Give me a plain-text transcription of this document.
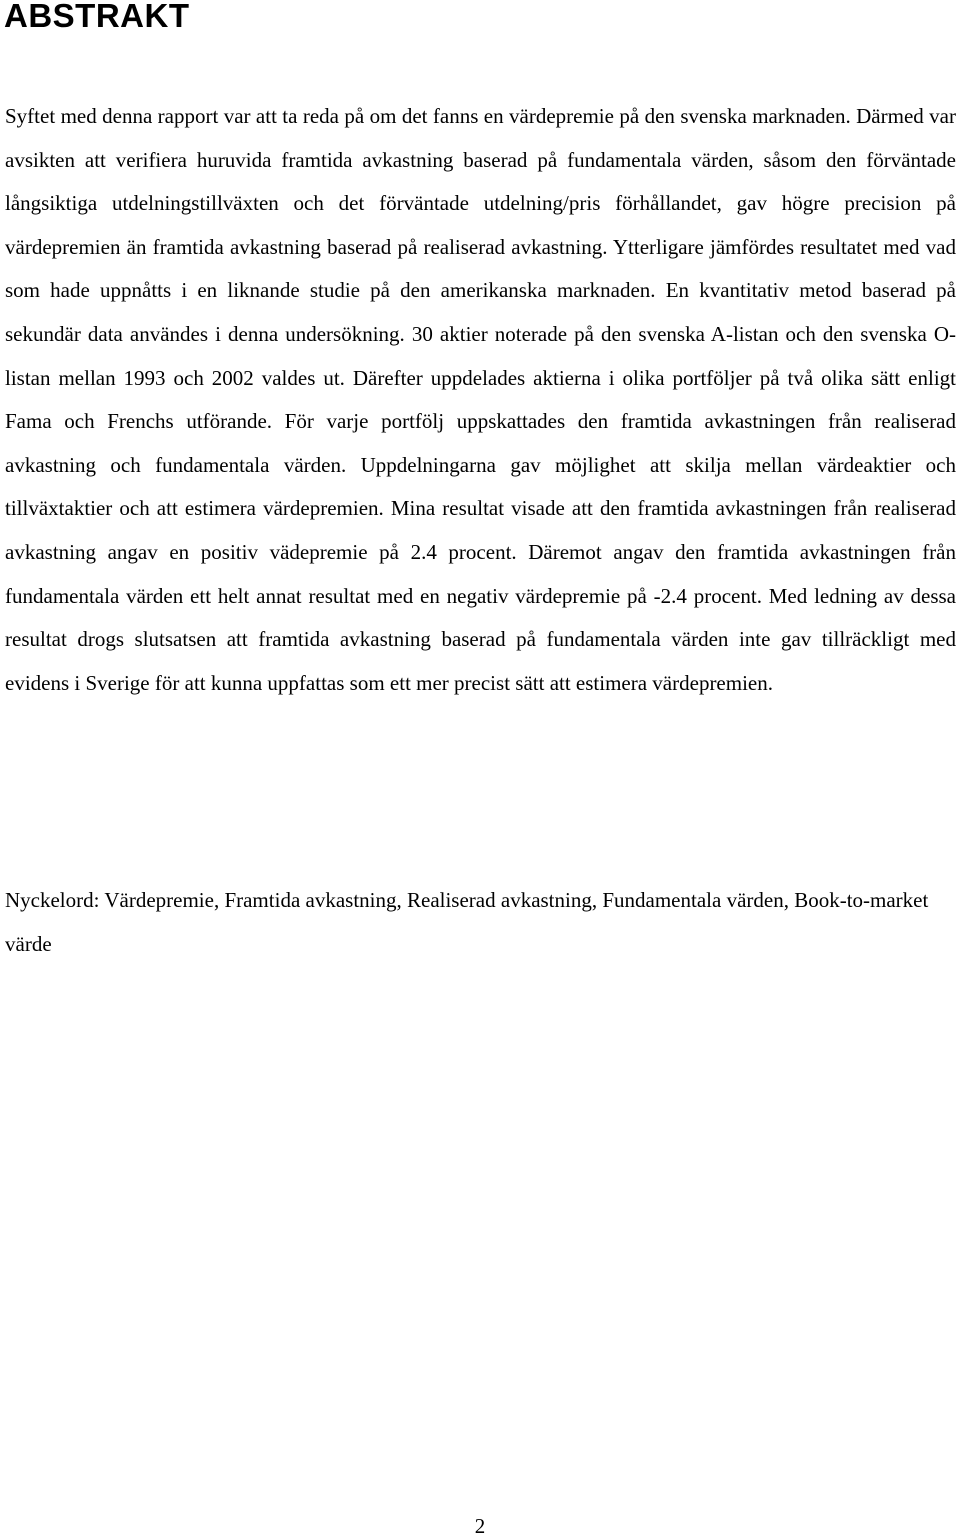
ABSTRAKT

Syftet med denna rapport var att ta reda på om det fanns en värdepremie på den svenska marknaden. Därmed var avsikten att verifiera huruvida framtida avkastning baserad på fundamentala värden, såsom den förväntade långsiktiga utdelningstillväxten och det förväntade utdelning/pris förhållandet, gav högre precision på värdepremien än framtida avkastning baserad på realiserad avkastning. Ytterligare jämfördes resultatet med vad som hade uppnåtts i en liknande studie på den amerikanska marknaden. En kvantitativ metod baserad på sekundär data användes i denna undersökning. 30 aktier noterade på den svenska A-listan och den svenska O-listan mellan 1993 och 2002 valdes ut. Därefter uppdelades aktierna i olika portföljer på två olika sätt enligt Fama och Frenchs utförande. För varje portfölj uppskattades den framtida avkastningen från realiserad avkastning och fundamentala värden. Uppdelningarna gav möjlighet att skilja mellan värdeaktier och tillväxtaktier och att estimera värdepremien. Mina resultat visade att den framtida avkastningen från realiserad avkastning angav en positiv vädepremie på 2.4 procent. Däremot angav den framtida avkastningen från fundamentala värden ett helt annat resultat med en negativ värdepremie på -2.4 procent. Med ledning av dessa resultat drogs slutsatsen att framtida avkastning baserad på fundamentala värden inte gav tillräckligt med evidens i Sverige för att kunna uppfattas som ett mer precist sätt att estimera värdepremien.

Nyckelord: Värdepremie, Framtida avkastning, Realiserad avkastning, Fundamentala värden, Book-to-market värde

2
